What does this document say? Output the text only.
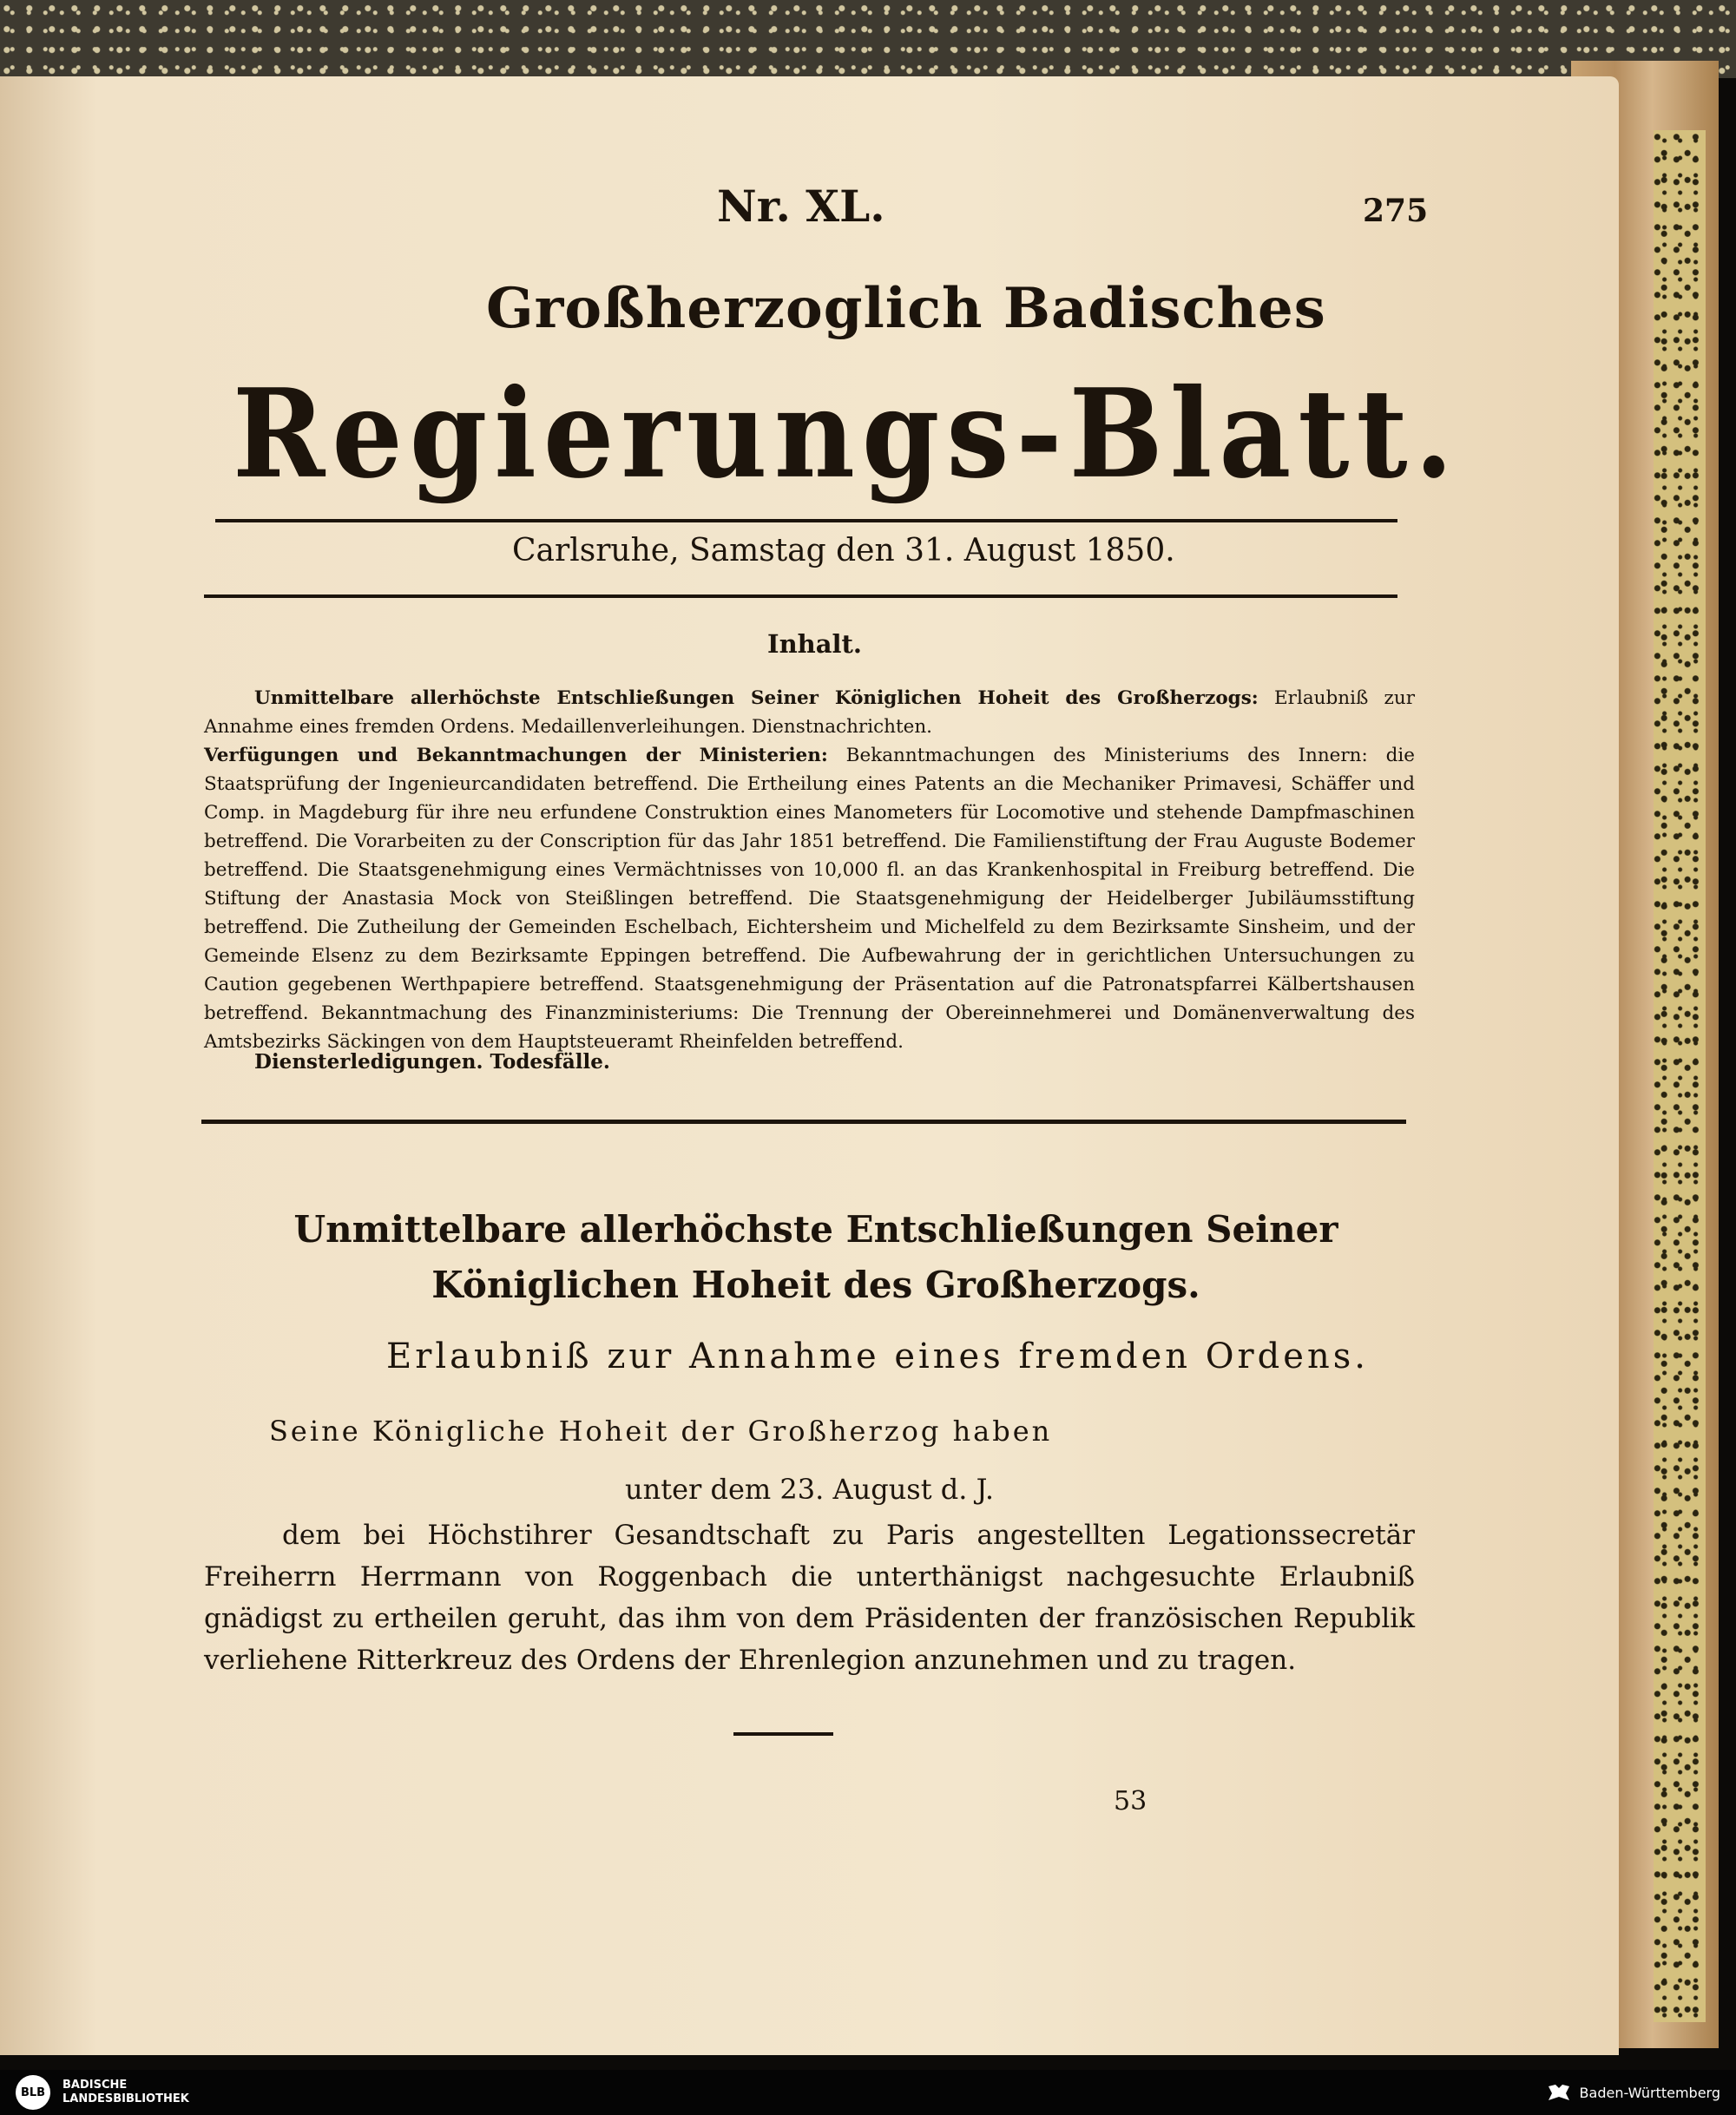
Nr. XL.	275
Großherzoglich Badisches
Regierungs-Blatt.
Carlsruhe, Samstag den 31. August 1850.
Inhalt.
Unmittelbare allerhöchste Entschließungen Seiner Königlichen Hoheit des Großherzogs: Erlaubniß zur Annahme eines fremden Ordens. Medaillenverleihungen. Dienstnachrichten.
Verfügungen und Bekanntmachungen der Ministerien: Bekanntmachungen des Ministeriums des Innern: die Staatsprüfung der Ingenieurcandidaten betreffend. Die Ertheilung eines Patents an die Mechaniker Primavesi, Schäffer und Comp. in Magdeburg für ihre neu erfundene Construktion eines Manometers für Locomotive und stehende Dampfmaschinen betreffend. Die Vorarbeiten zu der Conscription für das Jahr 1851 betreffend. Die Familienstiftung der Frau Auguste Bodemer betreffend. Die Staatsgenehmigung eines Vermächtnisses von 10,000 fl. an das Krankenhospital in Freiburg betreffend. Die Stiftung der Anastasia Mock von Steißlingen betreffend. Die Staatsgenehmigung der Heidelberger Jubiläumsstiftung betreffend. Die Zutheilung der Gemeinden Eschelbach, Eichtersheim und Michelfeld zu dem Bezirksamte Sinsheim, und der Gemeinde Elsenz zu dem Bezirksamte Eppingen betreffend. Die Aufbewahrung der in gerichtlichen Untersuchungen zu Caution gegebenen Werthpapiere betreffend. Staatsgenehmigung der Präsentation auf die Patronatspfarrei Kälbertshausen betreffend. Bekanntmachung des Finanzministeriums: Die Trennung der Obereinnehmerei und Domänenverwaltung des Amtsbezirks Säckingen von dem Hauptsteueramt Rheinfelden betreffend.
Diensterledigungen. Todesfälle.
Unmittelbare allerhöchste Entschließungen Seiner Königlichen Hoheit des Großherzogs.
Erlaubniß zur Annahme eines fremden Ordens.
Seine Königliche Hoheit der Großherzog haben
unter dem 23. August d. J.
dem bei Höchstihrer Gesandtschaft zu Paris angestellten Legationssecretär Freiherrn Herrmann von Roggenbach die unterthänigst nachgesuchte Erlaubniß gnädigst zu ertheilen geruht, das ihm von dem Präsidenten der französischen Republik verliehene Ritterkreuz des Ordens der Ehrenlegion anzunehmen und zu tragen.
53
BLB
BADISCHE
LANDESBIBLIOTHEK	Baden-Württemberg
